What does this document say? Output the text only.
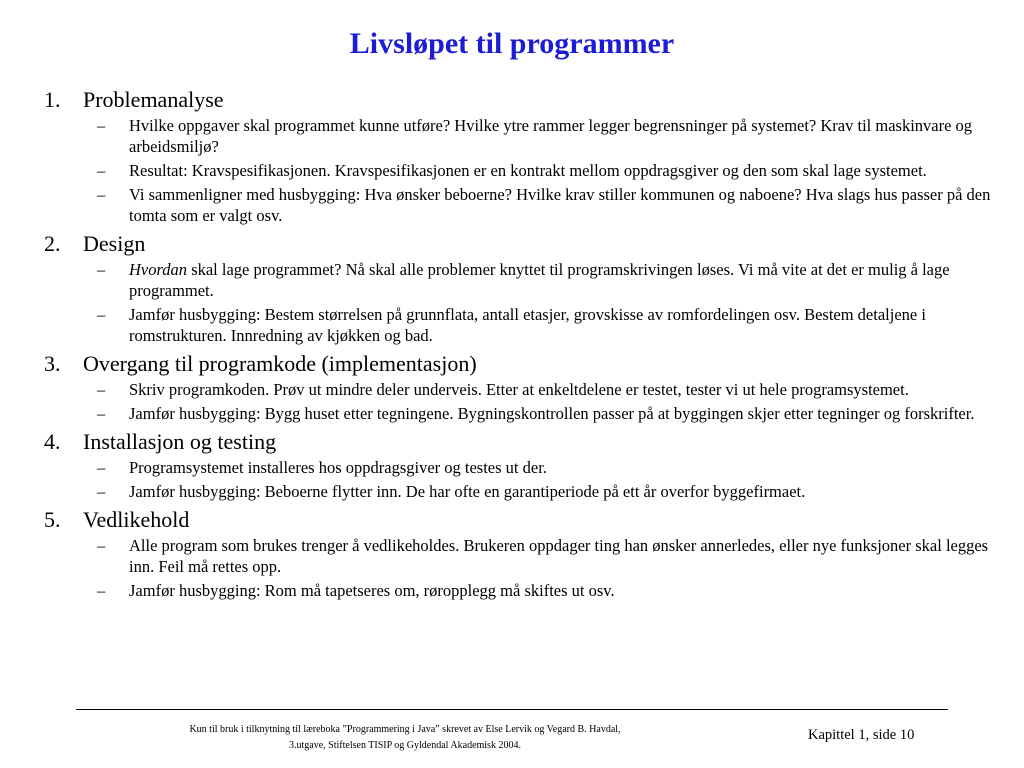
Livsløpet til programmer
1.	Problemanalyse
– Hvilke oppgaver skal programmet kunne utføre? Hvilke ytre rammer legger begrensninger på systemet? Krav til maskinvare og arbeidsmiljø?
– Resultat: Kravspesifikasjonen. Kravspesifikasjonen er en kontrakt mellom oppdragsgiver og den som skal lage systemet.
– Vi sammenligner med husbygging: Hva ønsker beboerne? Hvilke krav stiller kommunen og naboene? Hva slags hus passer på den tomta som er valgt osv.
2.	Design
– Hvordan skal lage programmet? Nå skal alle problemer knyttet til programskrivingen løses. Vi må vite at det er mulig å lage programmet.
– Jamfør husbygging: Bestem størrelsen på grunnflata, antall etasjer, grovskisse av romfordelingen osv. Bestem detaljene i romstrukturen. Innredning av kjøkken og bad.
3.	Overgang til programkode (implementasjon)
– Skriv programkoden. Prøv ut mindre deler underveis. Etter at enkeltdelene er testet, tester vi ut hele programsystemet.
– Jamfør husbygging: Bygg huset etter tegningene. Bygningskontrollen passer på at byggingen skjer etter tegninger og forskrifter.
4.	Installasjon og testing
– Programsystemet installeres hos oppdragsgiver og testes ut der.
– Jamfør husbygging: Beboerne flytter inn. De har ofte en garantiperiode på ett år overfor byggefirmaet.
5.	Vedlikehold
– Alle program som brukes trenger å vedlikeholdes. Brukeren oppdager ting han ønsker annerledes, eller nye funksjoner skal legges inn. Feil må rettes opp.
– Jamfør husbygging: Rom må tapetseres om, røropplegg må skiftes ut osv.
Kun til bruk i tilknytning til læreboka ”Programmering i Java” skrevet av Else Lervik og Vegard B. Havdal,
3.utgave, Stiftelsen TISIP og Gyldendal Akademisk 2004.
Kapittel 1, side 10
